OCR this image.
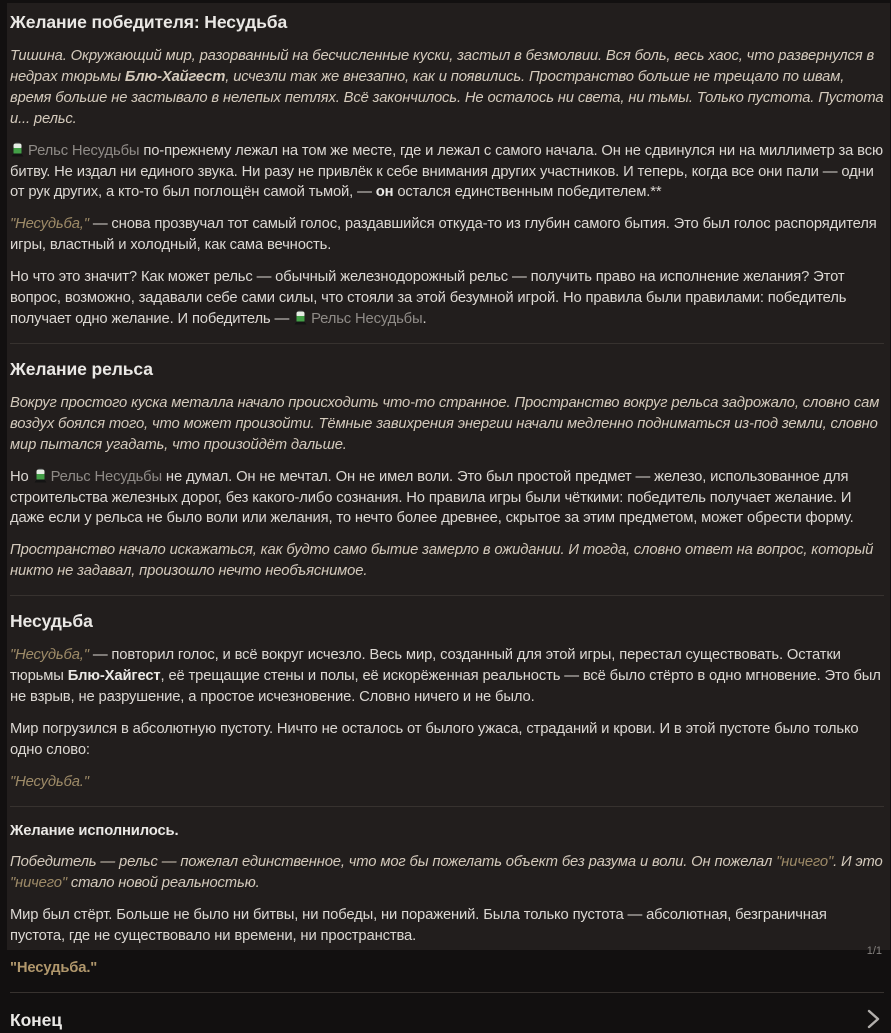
Желание победителя: Несудьба

Тишина. Окружающий мир, разорванный на бесчисленные куски, застыл в безмолвии. Вся боль, весь хаос, что развернулся в недрах тюрьмы Блю-Хайгест, исчезли так же внезапно, как и появились. Пространство больше не трещало по швам, время больше не застывало в нелепых петлях. Всё закончилось. Не осталось ни света, ни тьмы. Только пустота. Пустота и... рельс.

Рельс Несудьбы по-прежнему лежал на том же месте, где и лежал с самого начала. Он не сдвинулся ни на миллиметр за всю битву. Не издал ни единого звука. Ни разу не привлёк к себе внимания других участников. И теперь, когда все они пали — одни от рук других, а кто-то был поглощён самой тьмой, — он остался единственным победителем.**

"Несудьба," — снова прозвучал тот самый голос, раздавшийся откуда-то из глубин самого бытия. Это был голос распорядителя игры, властный и холодный, как сама вечность.

Но что это значит? Как может рельс — обычный железнодорожный рельс — получить право на исполнение желания? Этот вопрос, возможно, задавали себе сами силы, что стояли за этой безумной игрой. Но правила были правилами: победитель получает одно желание. И победитель — Рельс Несудьбы.

Желание рельса

Вокруг простого куска металла начало происходить что-то странное. Пространство вокруг рельса задрожало, словно сам воздух боялся того, что может произойти. Тёмные завихрения энергии начали медленно подниматься из-под земли, словно мир пытался угадать, что произойдёт дальше.

Но Рельс Несудьбы не думал. Он не мечтал. Он не имел воли. Это был простой предмет — железо, использованное для строительства железных дорог, без какого-либо сознания. Но правила игры были чёткими: победитель получает желание. И даже если у рельса не было воли или желания, то нечто более древнее, скрытое за этим предметом, может обрести форму.

Пространство начало искажаться, как будто само бытие замерло в ожидании. И тогда, словно ответ на вопрос, который никто не задавал, произошло нечто необъяснимое.

Несудьба

"Несудьба," — повторил голос, и всё вокруг исчезло. Весь мир, созданный для этой игры, перестал существовать. Остатки тюрьмы Блю-Хайгест, её трещащие стены и полы, её искорёженная реальность — всё было стёрто в одно мгновение. Это был не взрыв, не разрушение, а простое исчезновение. Словно ничего и не было.

Мир погрузился в абсолютную пустоту. Ничто не осталось от былого ужаса, страданий и крови. И в этой пустоте было только одно слово:

"Несудьба."

Желание исполнилось.

Победитель — рельс — пожелал единственное, что мог бы пожелать объект без разума и воли. Он пожелал "ничего". И это "ничего" стало новой реальностью.

Мир был стёрт. Больше не было ни битвы, ни победы, ни поражений. Была только пустота — абсолютная, безграничная пустота, где не существовало ни времени, ни пространства.

"Несудьба."

Конец
1/1
